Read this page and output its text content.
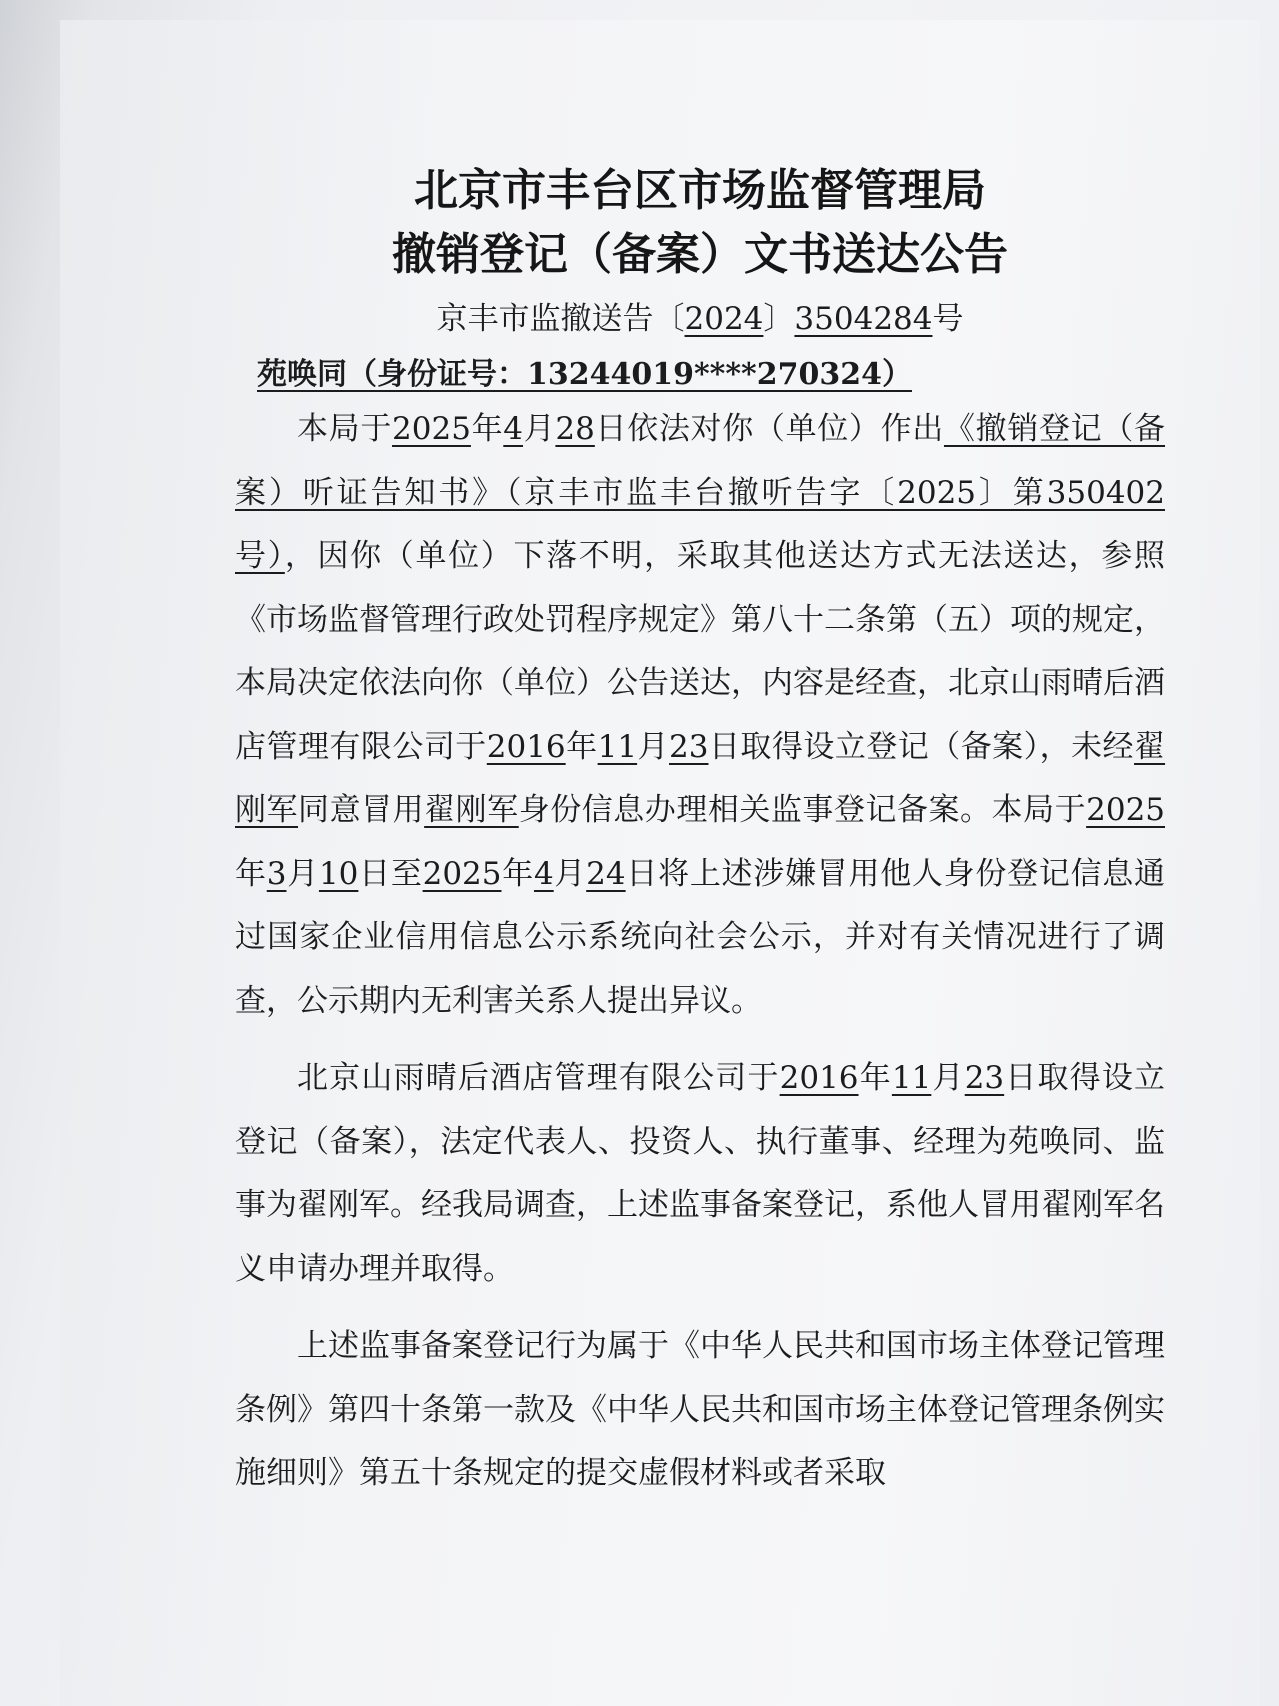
北京市丰台区市场监督管理局
撤销登记（备案）文书送达公告
京丰市监撤送告〔2024〕3504284号
苑唤同（身份证号：13244019****270324）

本局于2025年4月28日依法对你（单位）作出《撤销登记（备案）听证告知书》（京丰市监丰台撤听告字〔2025〕第350402号），因你（单位）下落不明，采取其他送达方式无法送达，参照《市场监督管理行政处罚程序规定》第八十二条第（五）项的规定，本局决定依法向你（单位）公告送达，内容是经查，北京山雨晴后酒店管理有限公司于2016年11月23日取得设立登记（备案），未经翟刚军同意冒用翟刚军身份信息办理相关监事登记备案。本局于2025年3月10日至2025年4月24日将上述涉嫌冒用他人身份登记信息通过国家企业信用信息公示系统向社会公示，并对有关情况进行了调查，公示期内无利害关系人提出异议。

北京山雨晴后酒店管理有限公司于2016年11月23日取得设立登记（备案），法定代表人、投资人、执行董事、经理为苑唤同、监事为翟刚军。经我局调查，上述监事备案登记，系他人冒用翟刚军名义申请办理并取得。

上述监事备案登记行为属于《中华人民共和国市场主体登记管理条例》第四十条第一款及《中华人民共和国市场主体登记管理条例实施细则》第五十条规定的提交虚假材料或者采取
